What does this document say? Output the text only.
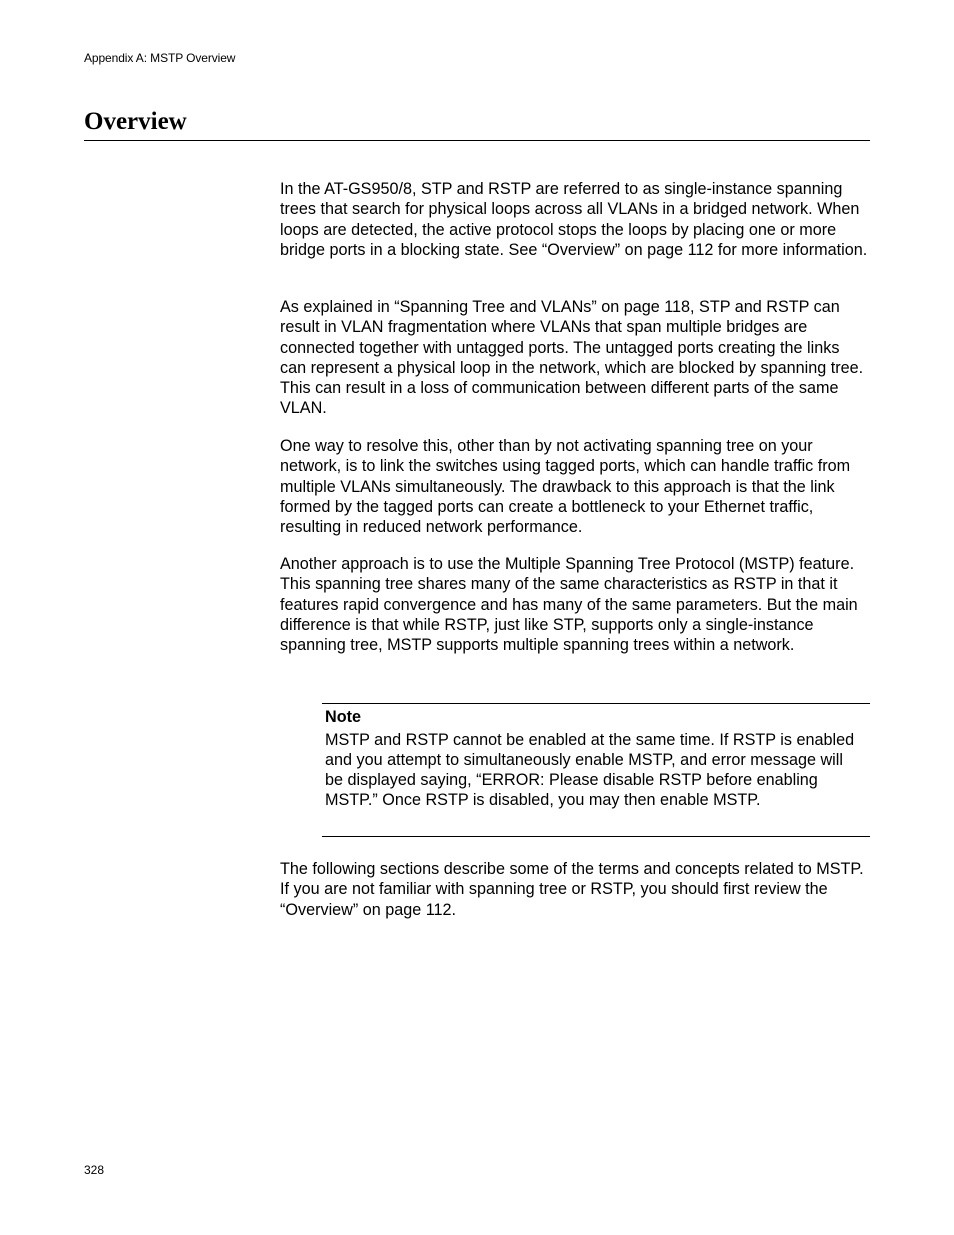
Appendix A: MSTP Overview
Overview

In the AT-GS950/8, STP and RSTP are referred to as single-instance spanning trees that search for physical loops across all VLANs in a bridged network. When loops are detected, the active protocol stops the loops by placing one or more bridge ports in a blocking state. See “Overview” on page 112 for more information.

As explained in “Spanning Tree and VLANs” on page 118, STP and RSTP can result in VLAN fragmentation where VLANs that span multiple bridges are connected together with untagged ports. The untagged ports creating the links can represent a physical loop in the network, which are blocked by spanning tree. This can result in a loss of communication between different parts of the same VLAN.

One way to resolve this, other than by not activating spanning tree on your network, is to link the switches using tagged ports, which can handle traffic from multiple VLANs simultaneously. The drawback to this approach is that the link formed by the tagged ports can create a bottleneck to your Ethernet traffic, resulting in reduced network performance.

Another approach is to use the Multiple Spanning Tree Protocol (MSTP) feature. This spanning tree shares many of the same characteristics as RSTP in that it features rapid convergence and has many of the same parameters. But the main difference is that while RSTP, just like STP, supports only a single-instance spanning tree, MSTP supports multiple spanning trees within a network.

Note

MSTP and RSTP cannot be enabled at the same time. If RSTP is enabled and you attempt to simultaneously enable MSTP, and error message will be displayed saying, “ERROR: Please disable RSTP before enabling MSTP.” Once RSTP is disabled, you may then enable MSTP.

The following sections describe some of the terms and concepts related to MSTP. If you are not familiar with spanning tree or RSTP, you should first review the “Overview” on page 112.

328
